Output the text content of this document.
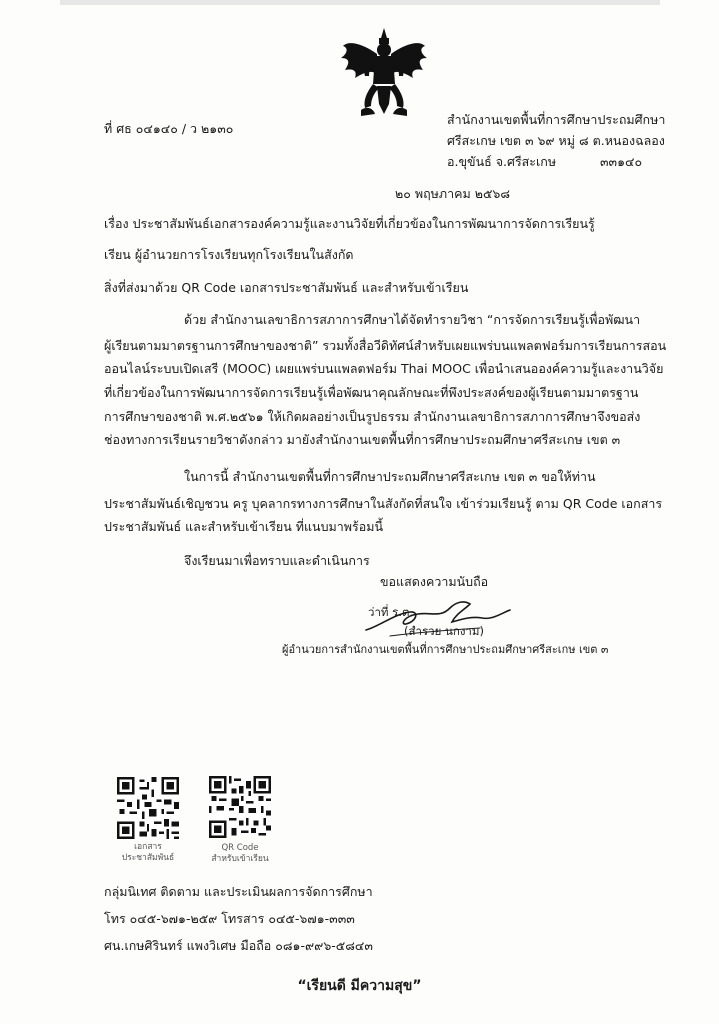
ที่ ศธ ๐๔๑๔๐ / ว ๒๑๓๐
สำนักงานเขตพื้นที่การศึกษาประถมศึกษา
ศรีสะเกษ เขต ๓ ๖๙ หมู่ ๘ ต.หนองฉลอง
อ.ขุขันธ์ จ.ศรีสะเกษ	๓๓๑๔๐
๒๐ พฤษภาคม ๒๕๖๘
เรื่อง ประชาสัมพันธ์เอกสารองค์ความรู้และงานวิจัยที่เกี่ยวข้องในการพัฒนาการจัดการเรียนรู้
เรียน ผู้อำนวยการโรงเรียนทุกโรงเรียนในสังกัด
สิ่งที่ส่งมาด้วย QR Code เอกสารประชาสัมพันธ์ และสำหรับเข้าเรียน
ด้วย สำนักงานเลขาธิการสภาการศึกษาได้จัดทำรายวิชา “การจัดการเรียนรู้เพื่อพัฒนา
ผู้เรียนตามมาตรฐานการศึกษาของชาติ” รวมทั้งสื่อวีดิทัศน์สำหรับเผยแพร่บนแพลตฟอร์มการเรียนการสอน
ออนไลน์ระบบเปิดเสรี (MOOC) เผยแพร่บนแพลตฟอร์ม Thai MOOC เพื่อนำเสนอองค์ความรู้และงานวิจัย
ที่เกี่ยวข้องในการพัฒนาการจัดการเรียนรู้เพื่อพัฒนาคุณลักษณะที่พึงประสงค์ของผู้เรียนตามมาตรฐาน
การศึกษาของชาติ พ.ศ.๒๕๖๑ ให้เกิดผลอย่างเป็นรูปธรรม สำนักงานเลขาธิการสภาการศึกษาจึงขอส่ง
ช่องทางการเรียนรายวิชาดังกล่าว มายังสำนักงานเขตพื้นที่การศึกษาประถมศึกษาศรีสะเกษ เขต ๓
ในการนี้ สำนักงานเขตพื้นที่การศึกษาประถมศึกษาศรีสะเกษ เขต ๓ ขอให้ท่าน
ประชาสัมพันธ์เชิญชวน ครู บุคลากรทางการศึกษาในสังกัดที่สนใจ เข้าร่วมเรียนรู้ ตาม QR Code เอกสาร
ประชาสัมพันธ์ และสำหรับเข้าเรียน ที่แนบมาพร้อมนี้
จึงเรียนมาเพื่อทราบและดำเนินการ
ขอแสดงความนับถือ
ว่าที่ ร.ต.
(สำรวย นกงาม)
ผู้อำนวยการสำนักงานเขตพื้นที่การศึกษาประถมศึกษาศรีสะเกษ เขต ๓
เอกสาร
ประชาสัมพันธ์
QR Code
สำหรับเข้าเรียน
กลุ่มนิเทศ ติดตาม และประเมินผลการจัดการศึกษา
โทร ๐๔๕-๖๗๑-๒๕๙ โทรสาร ๐๔๕-๖๗๑-๓๓๓
ศน.เกษศิรินทร์ แพงวิเศษ มือถือ ๐๘๑-๙๙๖-๕๘๔๓
“เรียนดี มีความสุข”
